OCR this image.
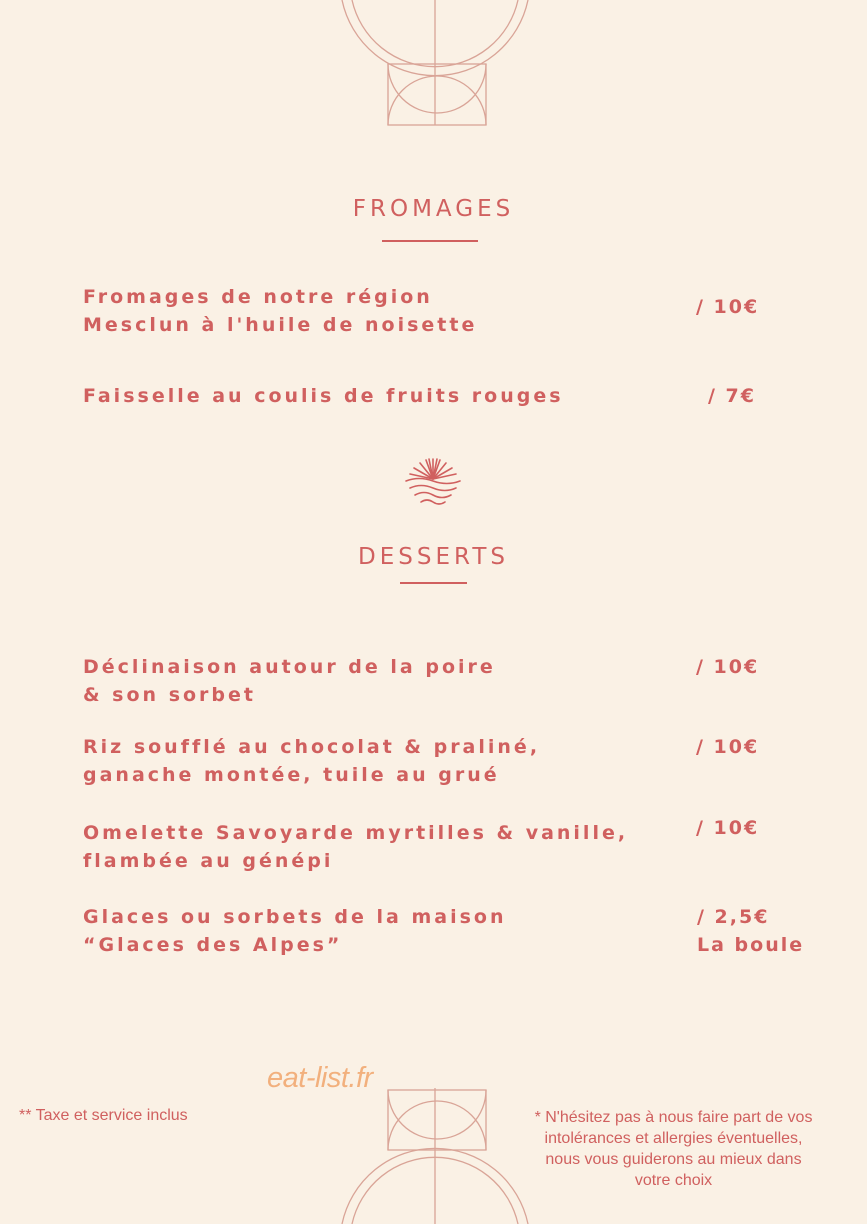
FROMAGES
Fromages de notre région
Mesclun à l'huile de noisette
/ 10€
Faisselle au coulis de fruits rouges	/ 7€
DESSERTS
Déclinaison autour de la poire
& son sorbet
/ 10€
Riz soufflé au chocolat & praliné,
ganache montée, tuile au grué
/ 10€
Omelette Savoyarde myrtilles & vanille,
flambée au génépi
/ 10€
Glaces ou sorbets de la maison
“Glaces des Alpes”
/ 2,5€
La boule
eat-list.fr
** Taxe et service inclus	* N'hésitez pas à nous faire part de vos
intolérances et allergies éventuelles,
nous vous guiderons au mieux dans
votre choix
